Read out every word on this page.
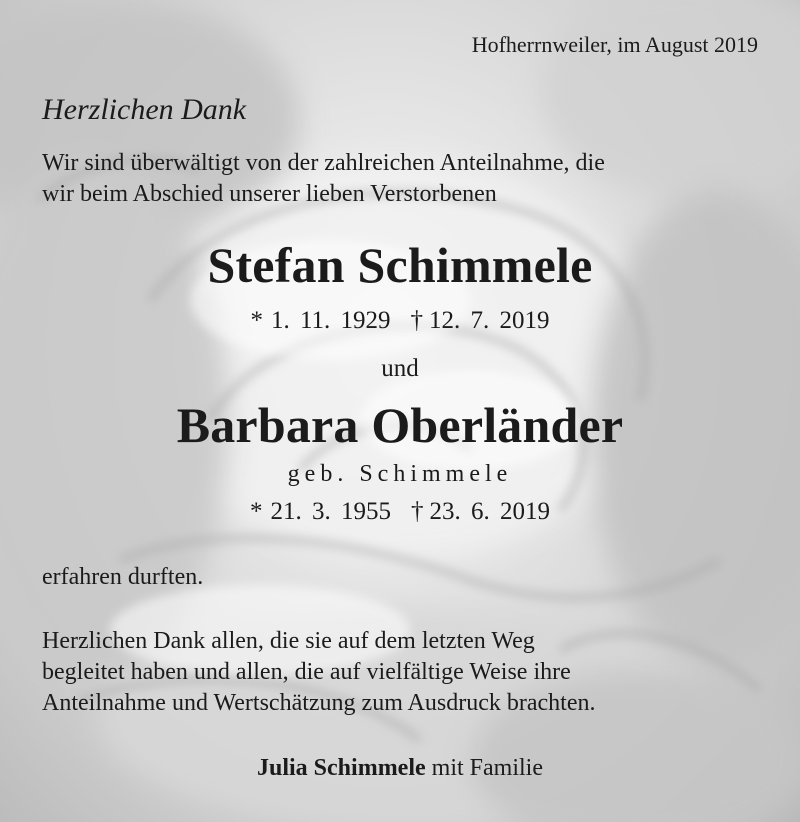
Hofherrnweiler, im August 2019

Herzlichen Dank

Wir sind überwältigt von der zahlreichen Anteilnahme, die
wir beim Abschied unserer lieben Verstorbenen

Stefan Schimmele

* 1. 11. 1929 † 12. 7. 2019

und

Barbara Oberländer

geb. Schimmele

* 21. 3. 1955 † 23. 6. 2019

erfahren durften.

Herzlichen Dank allen, die sie auf dem letzten Weg
begleitet haben und allen, die auf vielfältige Weise ihre
Anteilnahme und Wertschätzung zum Ausdruck brachten.

Julia Schimmele mit Familie
